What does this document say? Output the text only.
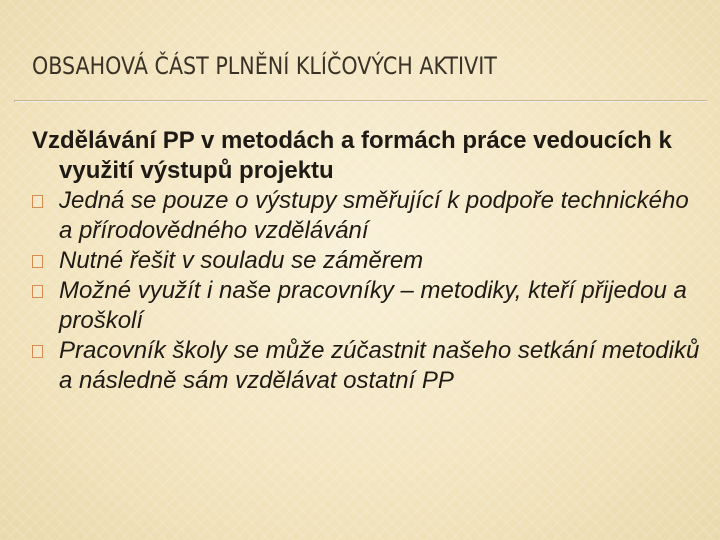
OBSAHOVÁ ČÁST PLNĚNÍ KLÍČOVÝCH AKTIVIT

Vzdělávání PP v metodách a formách práce vedoucích k využití výstupů projektu

Jedná se pouze o výstupy směřující k podpoře technického a přírodovědného vzdělávání
Nutné řešit v souladu se záměrem
Možné využít i naše pracovníky – metodiky, kteří přijedou a proškolí
Pracovník školy se může zúčastnit našeho setkání metodiků a následně sám vzdělávat ostatní PP
